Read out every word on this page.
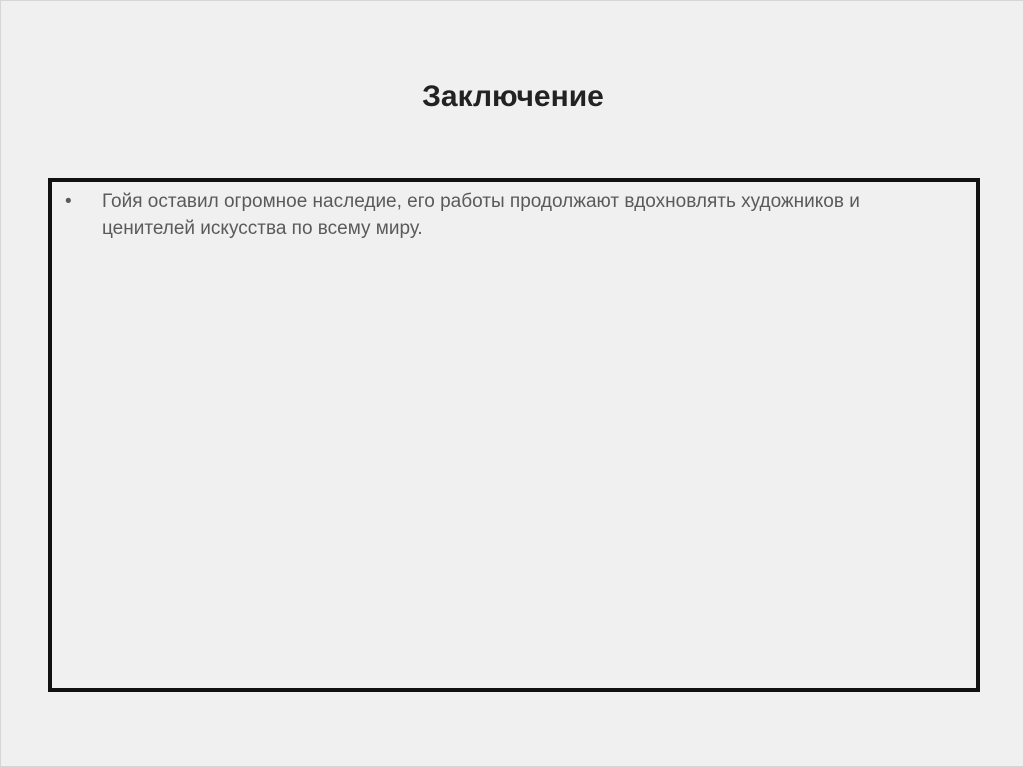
Заключение
•	Гойя оставил огромное наследие, его работы продолжают вдохновлять художников и ценителей искусства по всему миру.
